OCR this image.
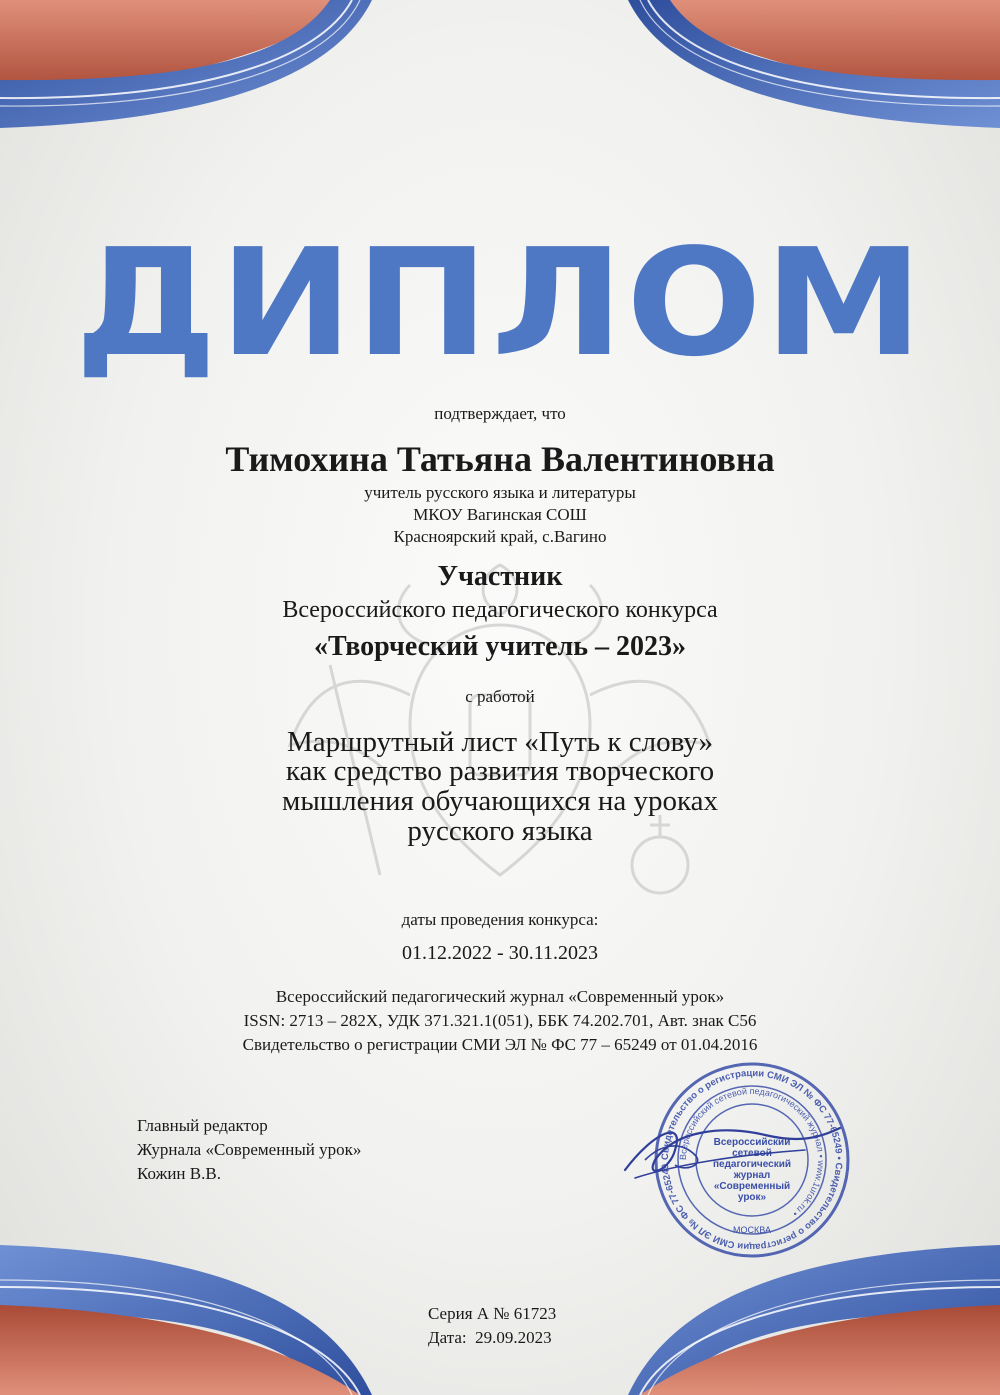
ДИПЛОМ

подтверждает, что

Тимохина Татьяна Валентиновна

учитель русского языка и литературы

МКОУ Вагинская СОШ

Красноярский край, с.Вагино

Участник

Всероссийского педагогического конкурса

«Творческий учитель – 2023»

с работой

Маршрутный лист «Путь к слову»

как средство развития творческого

мышления обучающихся на уроках

русского языка

даты проведения конкурса:

01.12.2022 - 30.11.2023

Всероссийский педагогический журнал «Современный урок»

ISSN: 2713 – 282Х, УДК 371.321.1(051), ББК 74.202.701, Авт. знак С56

Свидетельство о регистрации СМИ ЭЛ № ФС 77 – 65249 от 01.04.2016

Главный редактор

Журнала «Современный урок»

Кожин В.В.

Свидетельство о регистрации СМИ ЭЛ № ФС 77-65249 • Свидетельство о регистрации СМИ ЭЛ № ФС 77-65249
Всероссийский сетевой педагогический журнал • www.1urok.ru •
Всероссийский сетевой
педагогический журнал
«Современный урок»
МОСКВА

Серия А № 61723

Дата: 29.09.2023
